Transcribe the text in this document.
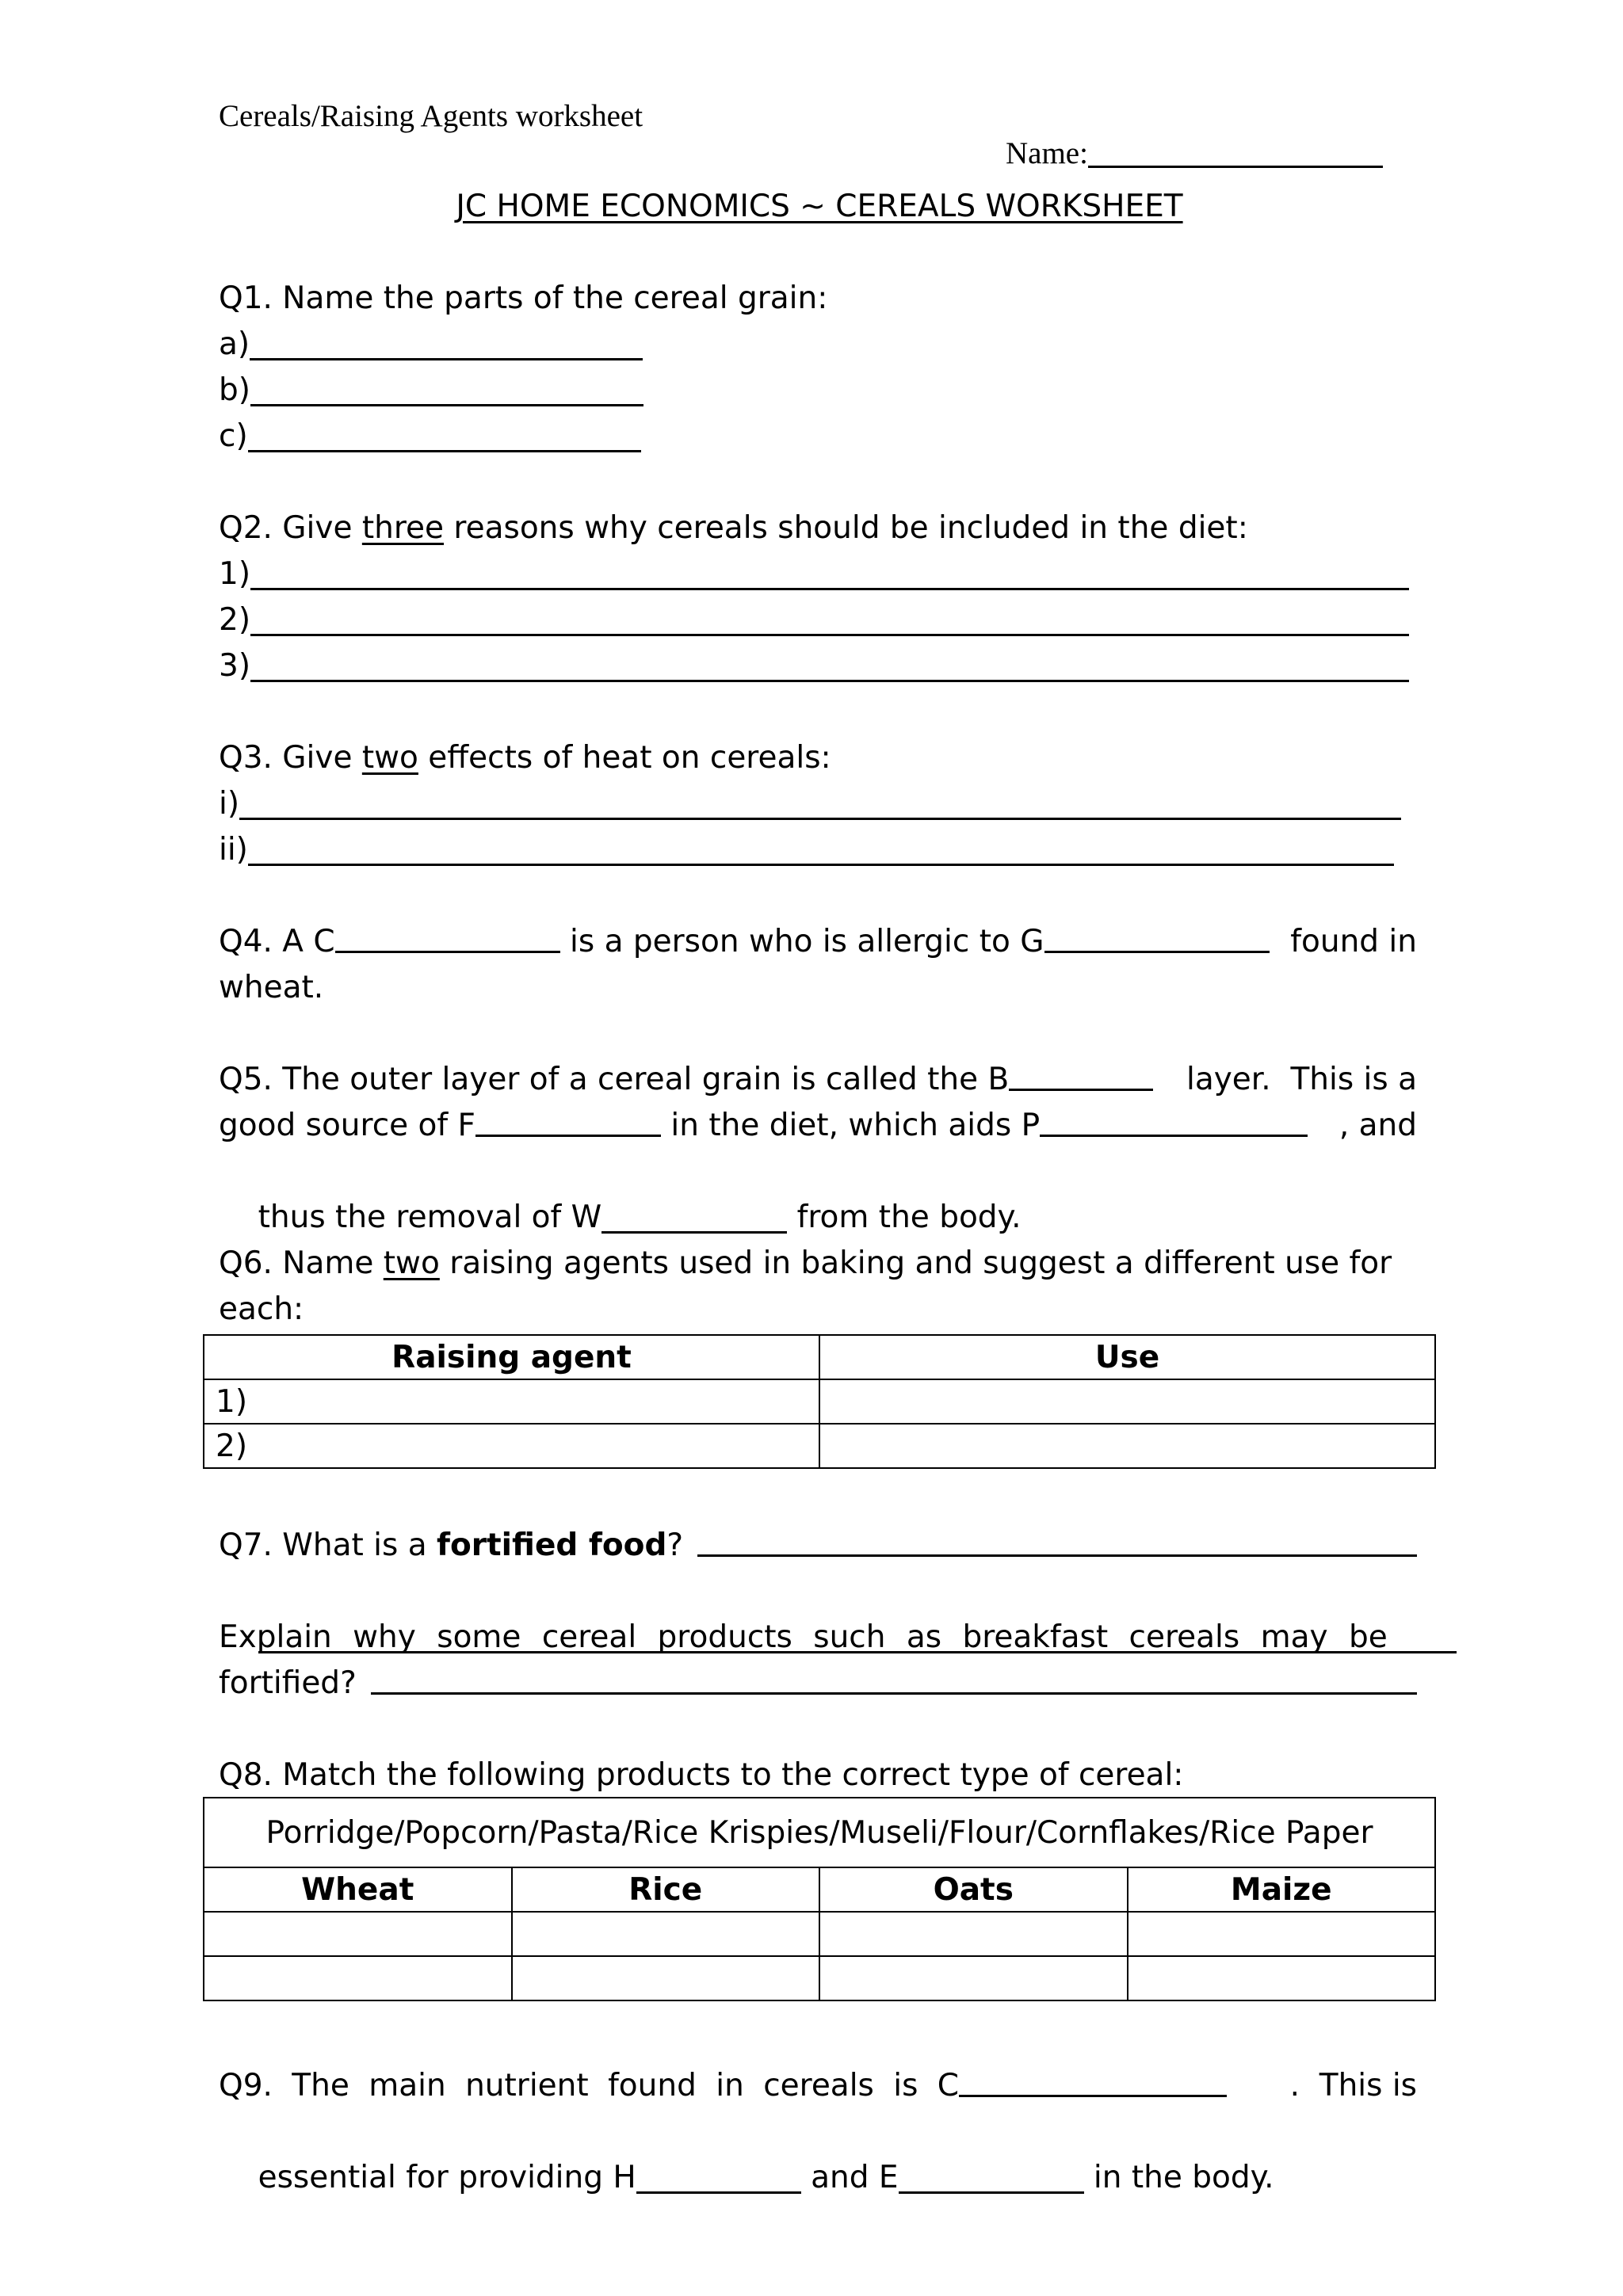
Cereals/Raising Agents worksheet

Name:

JC HOME ECONOMICS ~ CEREALS WORKSHEET
Q1. Name the parts of the cereal grain:
a)
b)
c)
Q2. Give three reasons why cereals should be included in the diet:
1)
2)
3)
Q3. Give two effects of heat on cereals:
i)
ii)
Q4. A C	is a person who is allergic to G	found in
wheat.
Q5. The outer layer of a cereal grain is called the B	layer.  This is a
good source of F	in the diet, which aids P	, and

thus the removal of W	from the body.

Q6. Name two raising agents used in baking and suggest a different use for
each:
Raising agent	Use
1)	
2)	
Q7. What is a fortified food ?

Explain why some cereal products such as breakfast cereals may be
fortified?
Q8. Match the following products to the correct type of cereal:
Porridge/Popcorn/Pasta/Rice Krispies/Museli/Flour/Cornflakes/Rice Paper			
Wheat	Rice	Oats	Maize

Q9. The main nutrient found in cereals is C	.  This is

essential for providing H	and E	in the body.
